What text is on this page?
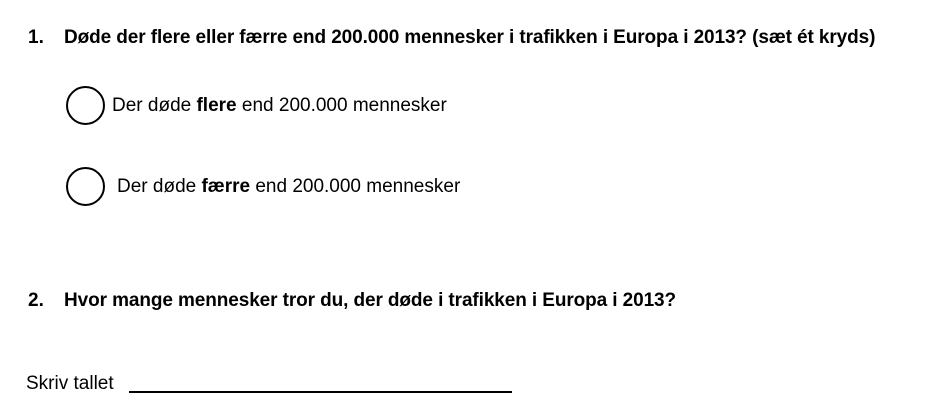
1. Døde der flere eller færre end 200.000 mennesker i trafikken i Europa i 2013? (sæt ét kryds)
Der døde flere end 200.000 mennesker
Der døde færre end 200.000 mennesker
2. Hvor mange mennesker tror du, der døde i trafikken i Europa i 2013?
Skriv tallet
